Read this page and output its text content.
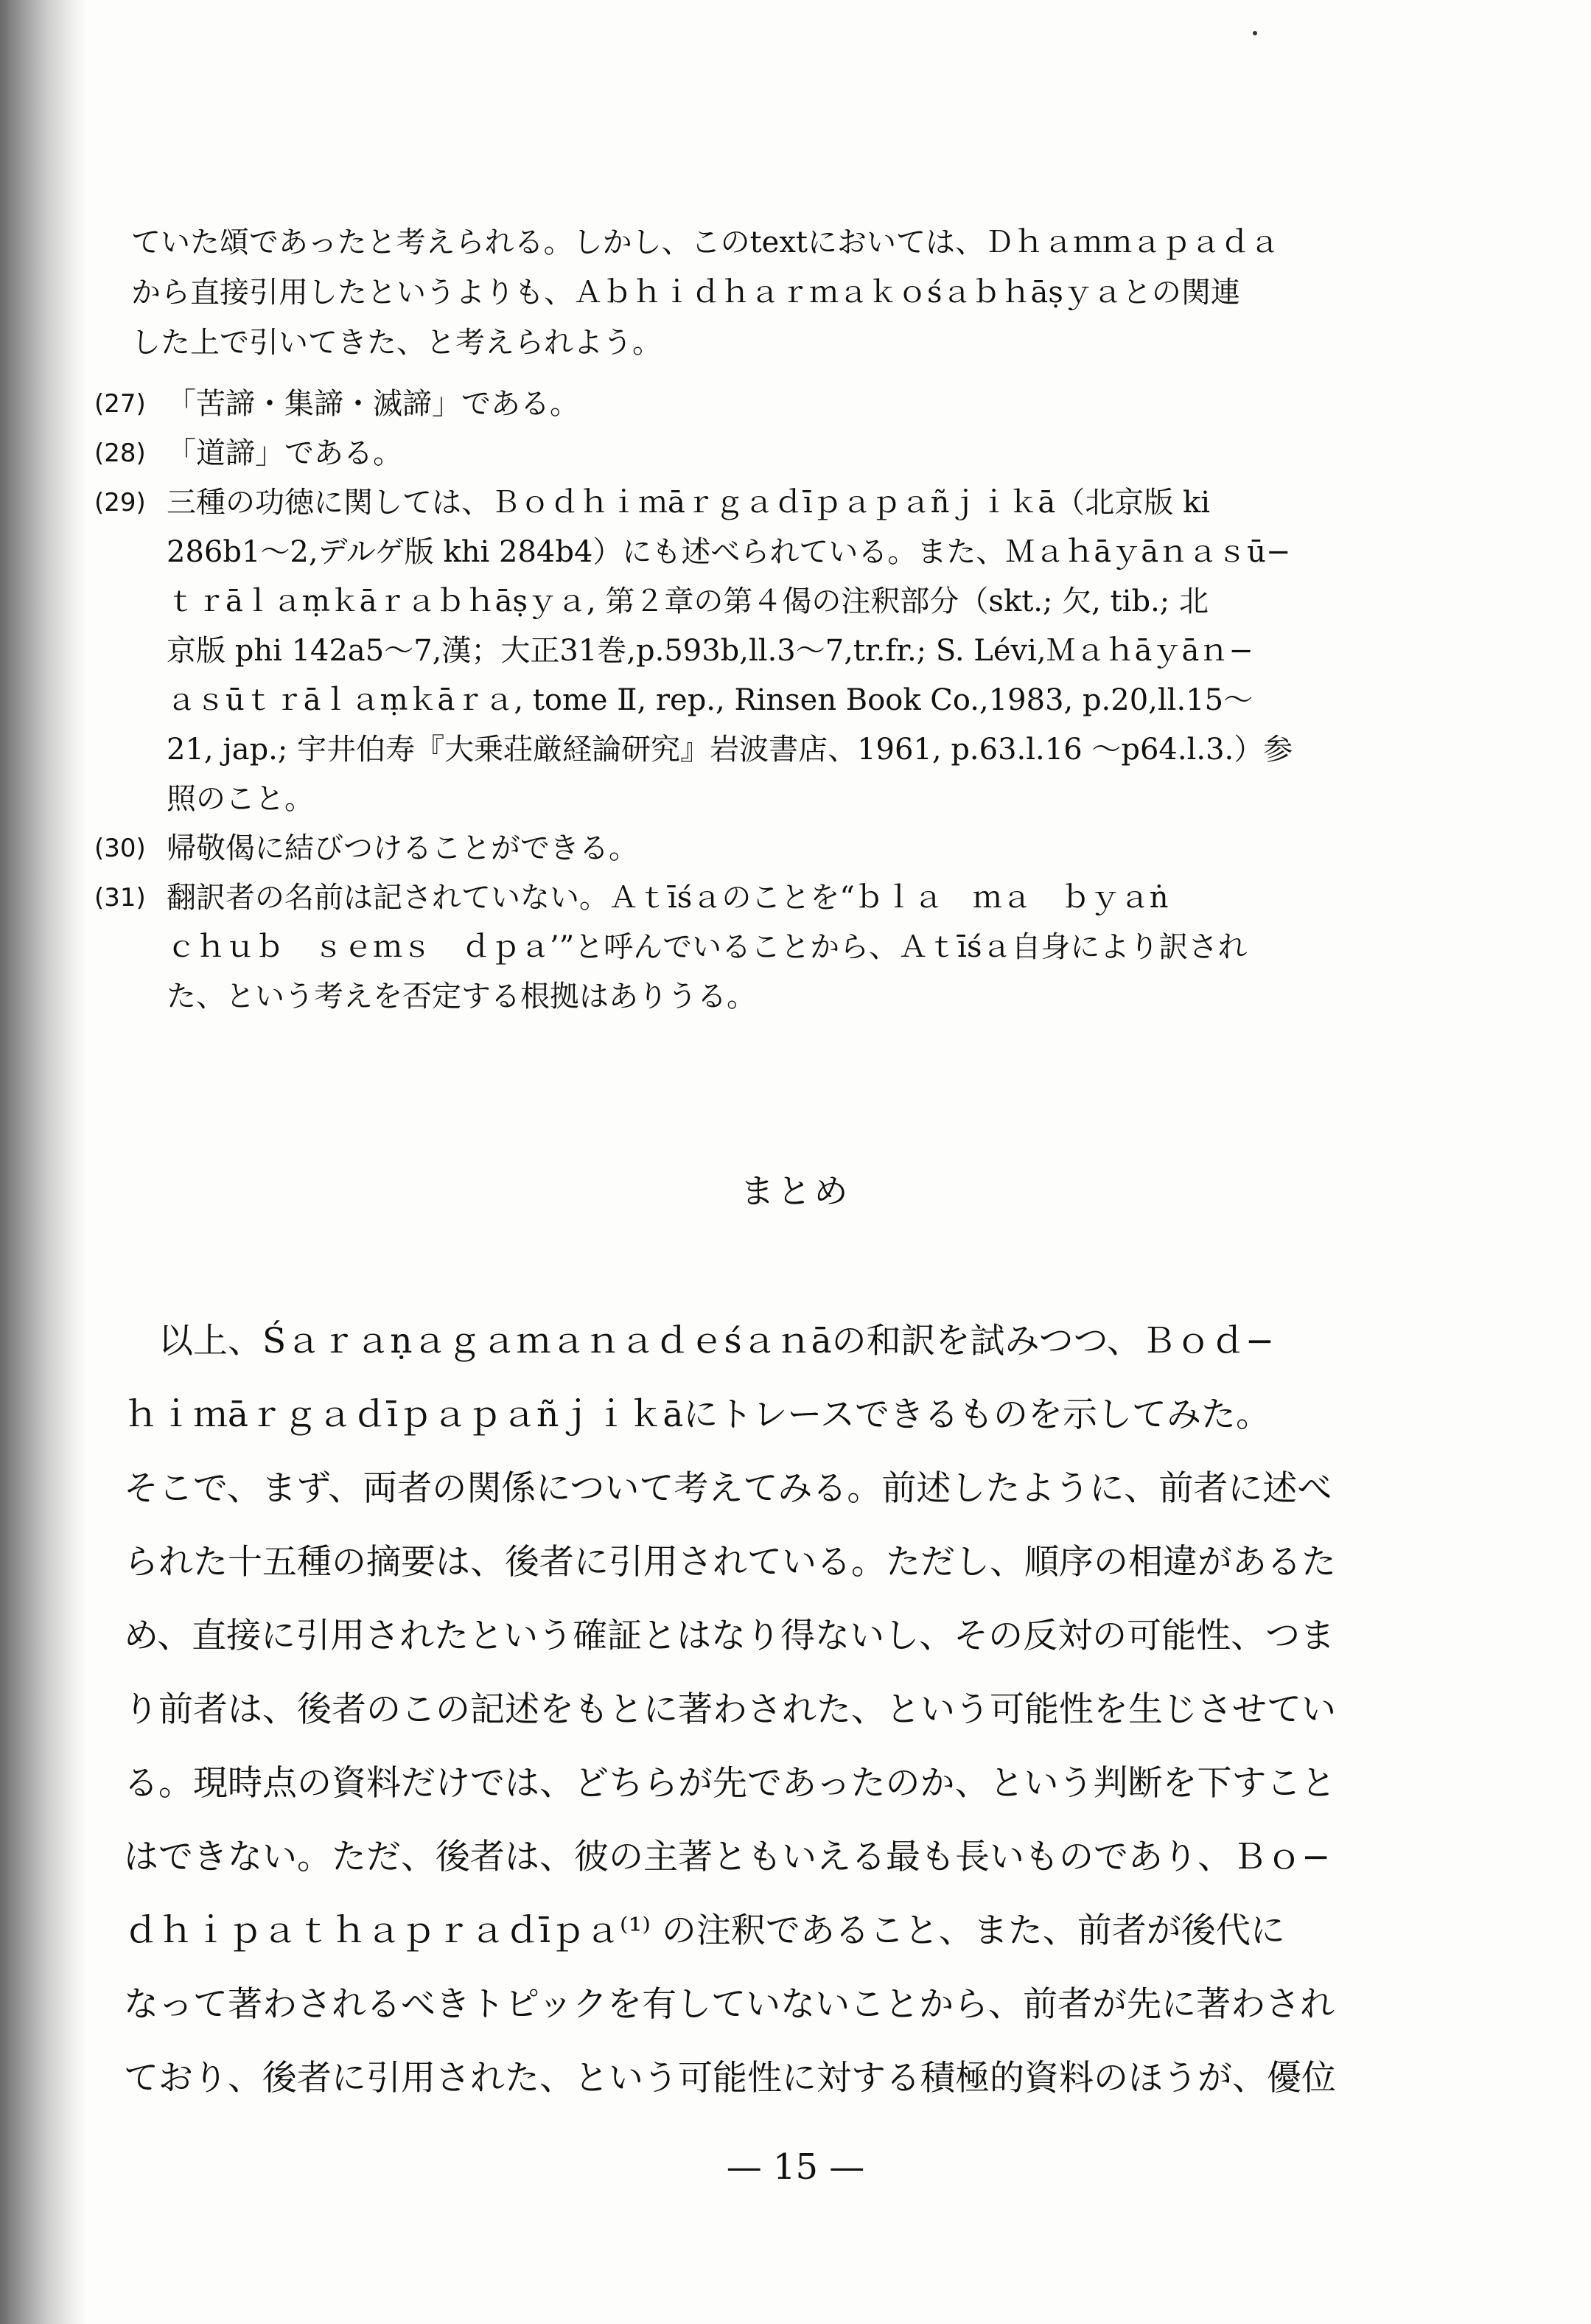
ていた頌であったと考えられる。しかし、このtextにおいては、Ｄｈａｍｍａｐａｄａ
から直接引用したというよりも、Ａｂｈｉｄｈａｒｍａｋｏśａｂｈāṣｙａとの関連
した上で引いてきた、と考えられよう。
(27) 「苦諦・集諦・滅諦」である。
(28) 「道諦」である。
(29) 三種の功徳に関しては、Ｂｏｄｈｉｍāｒｇａｄīｐａｐａñｊｉｋā（北京版 ki
286b1〜2,デルゲ版 khi 284b4）にも述べられている。また、Ｍａｈāｙāｎａｓū−
ｔｒāｌａṃｋāｒａｂｈāṣｙａ, 第２章の第４偈の注釈部分（skt.; 欠, tib.; 北
京版 phi 142a5〜7,漢；大正31巻,p.593b,ll.3〜7,tr.fr.; S. Lévi,Ｍａｈāｙāｎ−
ａｓūｔｒāｌａṃｋāｒａ, tome Ⅱ, rep., Rinsen Book Co.,1983, p.20,ll.15〜
21, jap.; 宇井伯寿『大乗荘厳経論研究』岩波書店、1961, p.63.l.16 〜p64.l.3.）参
照のこと。
(30) 帰敬偈に結びつけることができる。
(31) 翻訳者の名前は記されていない。Ａｔīśａのことを“ｂｌａ　ｍａ　ｂｙａṅ
ｃｈｕｂ　ｓｅｍｓ　ｄｐａ’”と呼んでいることから、Ａｔīśａ自身により訳され
た、という考えを否定する根拠はありうる。
まとめ
　以上、Śａｒａṇａｇａｍａｎａｄｅśａｎāの和訳を試みつつ、Ｂｏｄ−
ｈｉｍāｒｇａｄīｐａｐａñｊｉｋāにトレースできるものを示してみた。
そこで、まず、両者の関係について考えてみる。前述したように、前者に述べ
られた十五種の摘要は、後者に引用されている。ただし、順序の相違があるた
め、直接に引用されたという確証とはなり得ないし、その反対の可能性、つま
り前者は、後者のこの記述をもとに著わされた、という可能性を生じさせてい
る。現時点の資料だけでは、どちらが先であったのか、という判断を下すこと
はできない。ただ、後者は、彼の主著ともいえる最も長いものであり、Ｂｏ−
ｄｈｉｐａｔｈａｐｒａｄīｐａ⁽¹⁾ の注釈であること、また、前者が後代に
なって著わされるべきトピックを有していないことから、前者が先に著わされ
ており、後者に引用された、という可能性に対する積極的資料のほうが、優位
— 15 —
